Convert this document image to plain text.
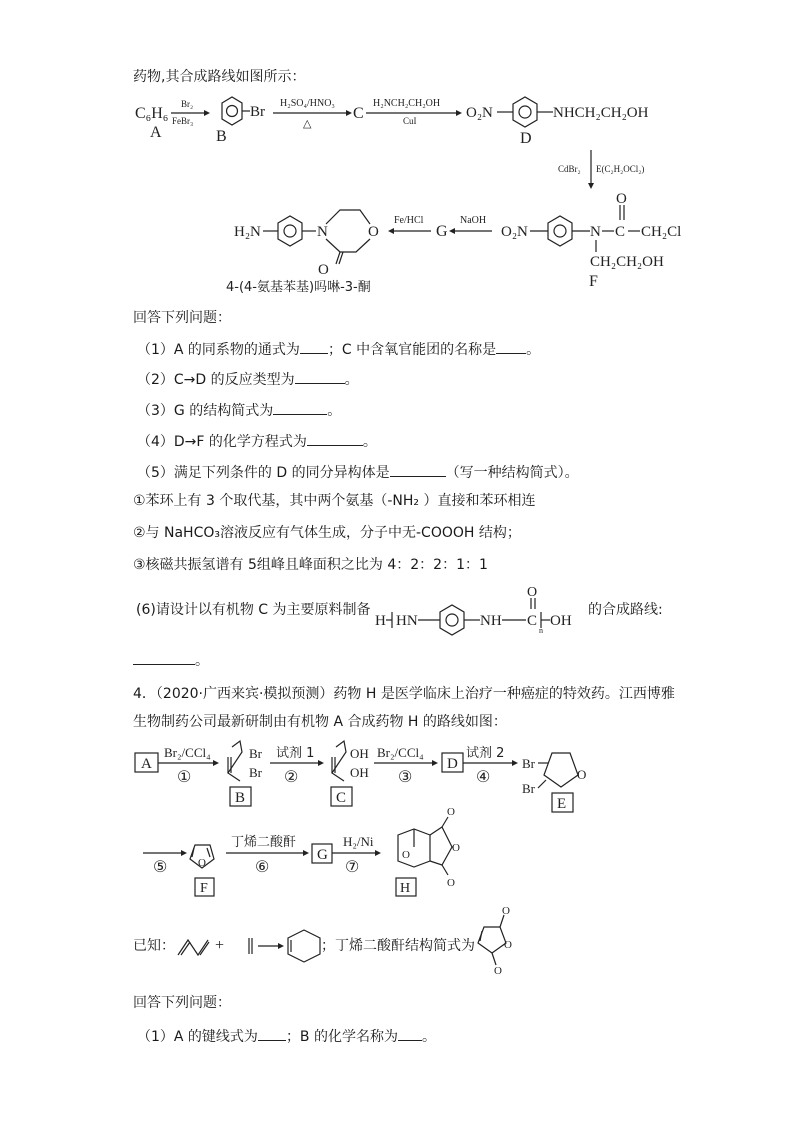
药物,其合成路线如图所示：
C₆H₆
A
Br₂
FeBr₃
Br
B
H₂SO₄/HNO₃
△
C
H₂NCH₂CH₂OH
CuI	O₂N	NHCH₂CH₂OH
D
CdBr₂ E(C₂H₂OCl₂)
O₂N	N C
O
CH₂Cl
CH₂CH₂OH
F
NaOH
G
Fe/HCl
H₂N	N	O
O
4-(4-氨基苯基)吗啉-3-酮
回答下列问题：
（1）A 的同系物的通式为 ；C 中含氧官能团的名称是 。
（2）C→D 的反应类型为	。
（3）G 的结构简式为	。
（4）D→F 的化学方程式为	。
（5）满足下列条件的 D 的同分异构体是	（写一种结构简式）。
①苯环上有 3 个取代基，其中两个氨基（-NH₂ ）直接和苯环相连
②与 NaHCO₃溶液反应有气体生成，分子中无-COOOH 结构；
③核磁共振氢谱有 5组峰且峰面积之比为 4：2：2：1：1
(6)请设计以有机物 C 为主要原料制备
H HN	NH C
O
n
OH
的合成路线:
。
4．（2020·广西来宾·模拟预测）药物 H 是医学临床上治疗一种癌症的特效药。江西博雅
生物制药公司最新研制由有机物 A 合成药物 H 的路线如图：
A
Br₂/CCl₄
①
Br
Br
B
试剂 1
②
OH
OH
C
Br₂/CCl₄
③
D
试剂 2
④
Br
Br
O
E
⑤	O
F
丁烯二酸酐
⑥
G
H₂/Ni
⑦
O
O
O
O
H
已知：	+	；丁烯二酸酐结构简式为	O
O
O
回答下列问题：
（1）A 的键线式为 ；B 的化学名称为 。
